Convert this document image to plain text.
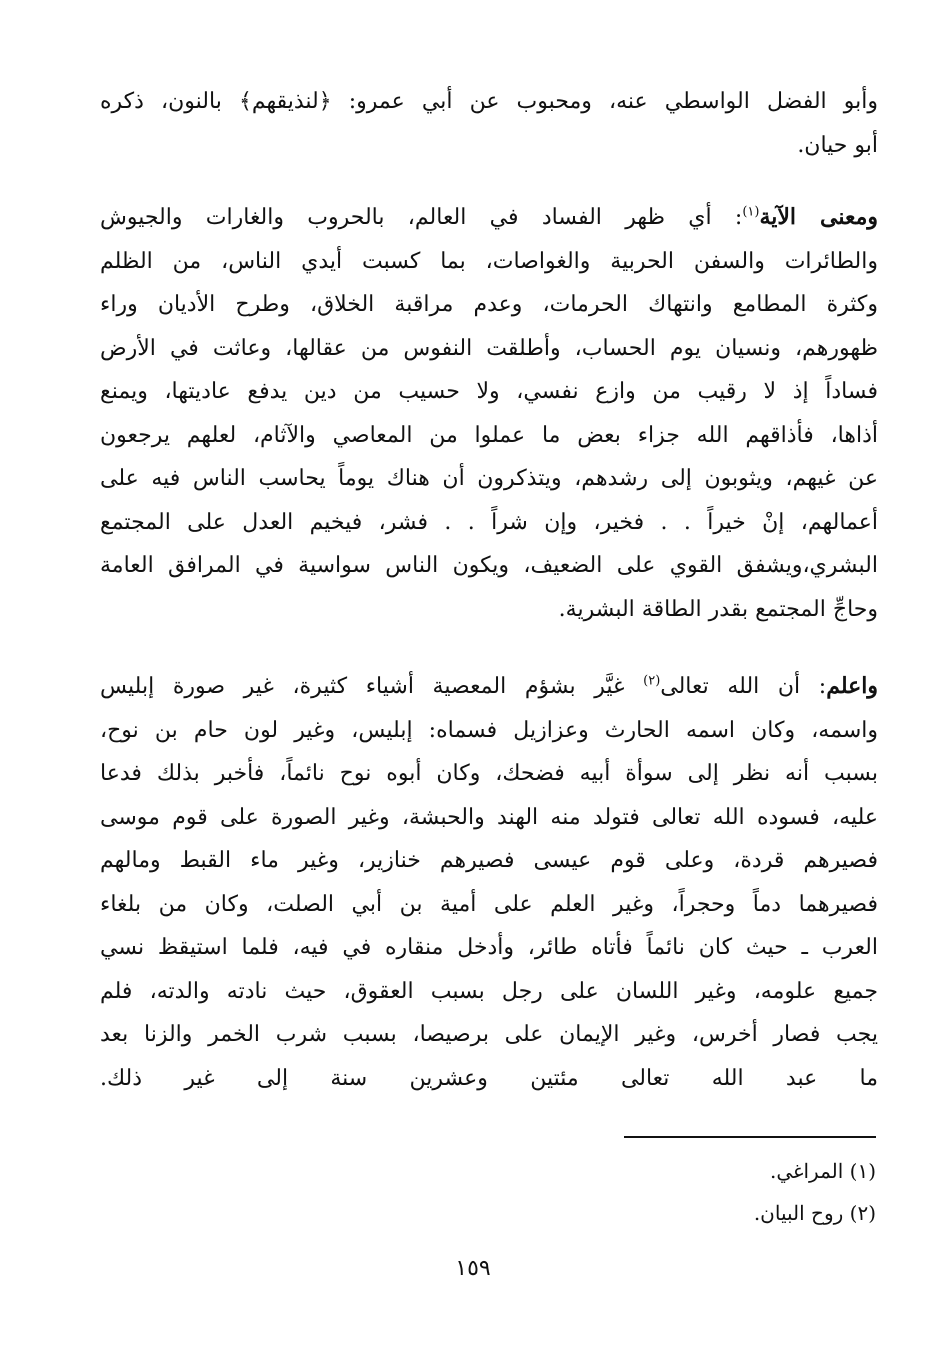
وأبو الفضل الواسطي عنه، ومحبوب عن أبي عمرو: ﴿لنذيقهم﴾ بالنون، ذكره
أبو حيان.
ومعنى الآية$^{(١)}$: أي ظهر الفساد في العالم، بالحروب والغارات والجيوش
والطائرات والسفن الحربية والغواصات، بما كسبت أيدي الناس، من الظلم
وكثرة المطامع وانتهاك الحرمات، وعدم مراقبة الخلاق، وطرح الأديان وراء
ظهورهم، ونسيان يوم الحساب، وأطلقت النفوس من عقالها، وعاثت في الأرض
فساداً إذ لا رقيب من وازع نفسي، ولا حسيب من دين يدفع عاديتها، ويمنع
أذاها، فأذاقهم الله جزاء بعض ما عملوا من المعاصي والآثام، لعلهم يرجعون
عن غيهم، ويثوبون إلى رشدهم، ويتذكرون أن هناك يوماً يحاسب الناس فيه على
أعمالهم، إنْ خيراً . . فخير، وإن شراً . . فشر، فيخيم العدل على المجتمع
البشري،ويشفق القوي على الضعيف، ويكون الناس سواسية في المرافق العامة
وحاجِّ المجتمع بقدر الطاقة البشرية.
واعلم: أن الله تعالى$^{(٢)}$ غيَّر بشؤم المعصية أشياء كثيرة، غير صورة إبليس
واسمه، وكان اسمه الحارث وعزازيل فسماه: إبليس، وغير لون حام بن نوح،
بسبب أنه نظر إلى سوأة أبيه فضحك، وكان أبوه نوح نائماً، فأخبر بذلك فدعا
عليه، فسوده الله تعالى فتولد منه الهند والحبشة، وغير الصورة على قوم موسى
فصيرهم قردة، وعلى قوم عيسى فصيرهم خنازير، وغير ماء القبط ومالهم
فصيرهما دماً وحجراً، وغير العلم على أمية بن أبي الصلت، وكان من بلغاء
العرب ـ حيث كان نائماً فأتاه طائر، وأدخل منقاره في فيه، فلما استيقظ نسي
جميع علومه، وغير اللسان على رجل بسبب العقوق، حيث نادته والدته، فلم
يجب فصار أخرس، وغير الإيمان على برصيصا، بسبب شرب الخمر والزنا بعد
ما عبد الله تعالى مئتين وعشرين سنة إلى غير ذلك.
(١) المراغي.
(٢) روح البيان.
١٥٩
